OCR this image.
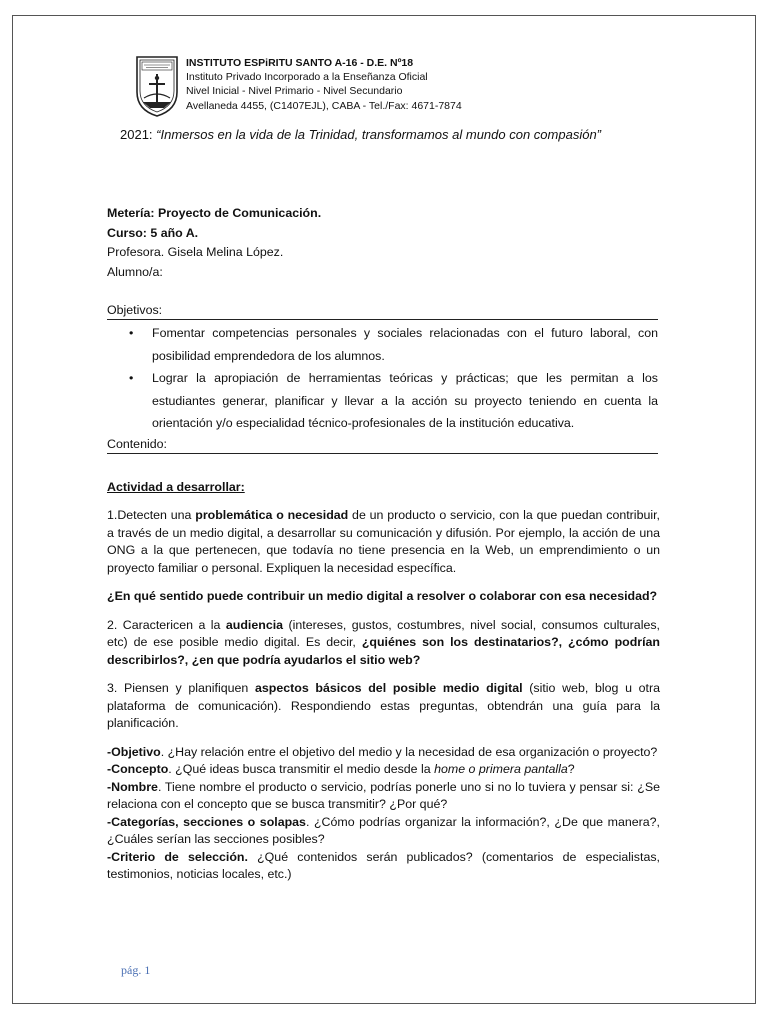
INSTITUTO ESPiRITU SANTO A-16 - D.E. Nº18
Instituto Privado Incorporado a la Enseñanza Oficial
Nivel Inicial - Nivel Primario - Nivel Secundario
Avellaneda 4455, (C1407EJL), CABA - Tel./Fax: 4671-7874
2021: “Inmersos en la vida de la Trinidad, transformamos al mundo con compasión”
Metería: Proyecto de Comunicación.
Curso: 5 año A.
Profesora. Gisela Melina López.
Alumno/a:
Objetivos:
• Fomentar competencias personales y sociales relacionadas con el futuro laboral, con posibilidad emprendedora de los alumnos.
• Lograr la apropiación de herramientas teóricas y prácticas; que les permitan a los estudiantes generar, planificar y llevar a la acción su proyecto teniendo en cuenta la orientación y/o especialidad técnico-profesionales de la institución educativa.
Contenido:
Actividad a desarrollar:

1.Detecten una problemática o necesidad de un producto o servicio, con la que puedan contribuir, a través de un medio digital, a desarrollar su comunicación y difusión. Por ejemplo, la acción de una ONG a la que pertenecen, que todavía no tiene presencia en la Web, un emprendimiento o un proyecto familiar o personal. Expliquen la necesidad específica.

¿En qué sentido puede contribuir un medio digital a resolver o colaborar con esa necesidad?

2. Caractericen a la audiencia (intereses, gustos, costumbres, nivel social, consumos culturales, etc) de ese posible medio digital. Es decir, ¿quiénes son los destinatarios?, ¿cómo podrían describirlos?, ¿en que podría ayudarlos el sitio web?

3. Piensen y planifiquen aspectos básicos del posible medio digital (sitio web, blog u otra plataforma de comunicación). Respondiendo estas preguntas, obtendrán una guía para la planificación.

-Objetivo. ¿Hay relación entre el objetivo del medio y la necesidad de esa organización o proyecto?

-Concepto. ¿Qué ideas busca transmitir el medio desde la home o primera pantalla?

-Nombre. Tiene nombre el producto o servicio, podrías ponerle uno si no lo tuviera y pensar si: ¿Se relaciona con el concepto que se busca transmitir? ¿Por qué?

-Categorías, secciones o solapas. ¿Cómo podrías organizar la información?, ¿De que manera?, ¿Cuáles serían las secciones posibles?

-Criterio de selección. ¿Qué contenidos serán publicados? (comentarios de especialistas, testimonios, noticias locales, etc.)

pág. 1
